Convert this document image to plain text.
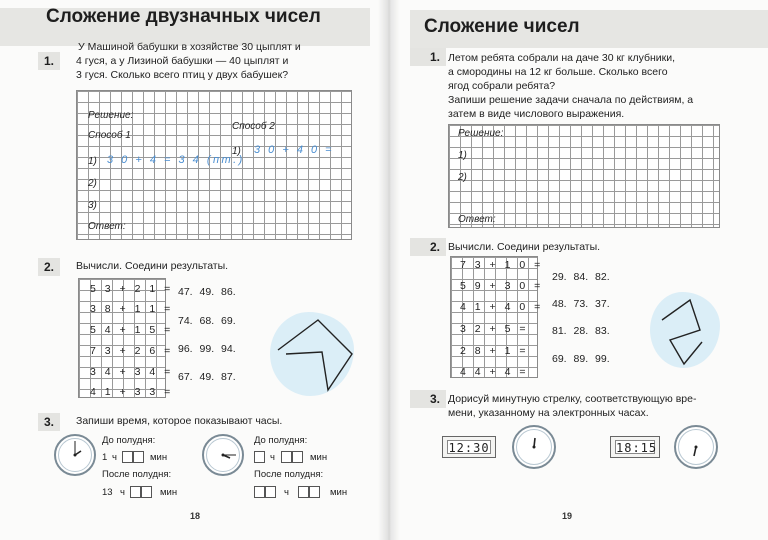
Сложение двузначных чисел
1.
У Машиной бабушки в хозяйстве 30 цыплят и
4 гуся, а у Лизиной бабушки — 40 цыплят и
3 гуся. Сколько всего птиц у двух бабушек?
Решение:
Способ 1
Способ 2
1) 3 0 + 4 = 3 4 (пт.)
1) 3 0 + 4 0 =
2)
3)
Ответ:
2. Вычисли. Соедини результаты.
5 3 + 2 1 =
3 8 + 1 1 =
5 4 + 1 5 =
7 3 + 2 6 =
3 4 + 3 4 =
4 1 + 3 3 =
47. 49. 86.
74. 68. 69.
96. 99. 94.
67. 49. 87.
3. Запиши время, которое показывают часы.
До полудня:
1 ч	мин
После полудня:
13 ч	мин
До полудня:
ч	мин
После полудня:
ч	мин
18
Сложение чисел
1. Летом ребята собрали на даче 30 кг клубники,
а смородины на 12 кг больше. Сколько всего
ягод собрали ребята?
Запиши решение задачи сначала по действиям, а
затем в виде числового выражения.
Решение:
1)
2)
Ответ:
2. Вычисли. Соедини результаты.
7 3 + 1 0 =
5 9 + 3 0 =
4 1 + 4 0 =
3 2 + 5 =
2 8 + 1 =
4 4 + 4 =
29. 84. 82.
48. 73. 37.
81. 28. 83.
69. 89. 99.
3. Дорисуй минутную стрелку, соответствующую вре-
мени, указанному на электронных часах.
12:30	18:15
19
